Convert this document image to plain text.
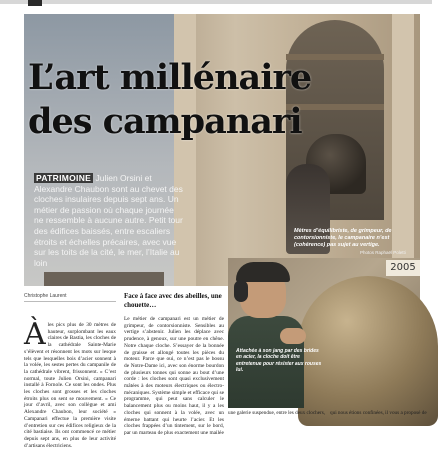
L’art millénaire
des campanari

PATRIMOINE Julien Orsini et Alexandre Chaubon sont au chevet des cloches insulaires depuis sept ans. Un métier de passion où chaque journée ne ressemble à aucune autre. Petit tour des édifices baissés, entre escaliers étroits et échelles précaires, avec vue sur les toits de la cité, le mer, l’Italie au loin

Mètres d’équilibriste, de grimpeur, de contorsionniste, le campanaire n’est (cohérence) pas sujet au vertige.

Photos Raphaël Poletti

Christophe Laurent

À les pics plus de 30 mètres de hauteur, surplombant les eaux claires de Bastia, les cloches de la cathédrale Sainte-Marie s’élèvent et résonnent les mots sur lesque tels que lesquelles bois d’acier sonnent à la volée, les sestes pertes du campanile de la cathédrale vibrent, frissonnent. « C’est normal, toute Julien Orsini, campanari installé à Fornole. Ce sont les ondes. Plus les cloches sont grosses et les cloches étroits plus on sent se mouvement. » Ce jour d’avril, avec son collègue et ami Alexandre Chaubon, leur société « Campanari effectue la première visite d’entretien sur ces édifices religieux de la cité bastiaise. Ils ont commencé ce métier depuis sept ans, en plus de leur activité d’artisans électriciens.
Face à face avec des abeilles, une chouette…
Le métier de campanari est un métier de grimpeur, de contorsionniste. Sensibles au vertige s’abstenir. Julien les déplace avec prudence, à genoux, sur une poutre en chêne. Notre chaque cloche. S’essayer de la bonnée de graisse et allongé toutes les pièces du moteur. Parce que oui, ce n’est pas le bossu de Notre-Dame ici, avec son énorme bourdon de plusieurs tonnes qui sonne au bout d’une corde : les cloches sont quasi exclusivement mâtées à des moteurs électriques ou électro-mécaniques. Système simple et efficace qui se programme, qui peut sans calculer le balancement plus ou moins haut, il y a les cloches qui sonnent à la volée, avec un émerne battant qui heurte l’acier. Et les cloches frappées d’un tintement, sur le bord, par un marteau de plus exactement une mailée
2005

Attachée à son jang par des brides en acier, la cloche doit être entretenue pour résister aux rouses lui.

une galerie suspendue, entre les deux clochers, qui nous étions confinées, il vous a proposé de
